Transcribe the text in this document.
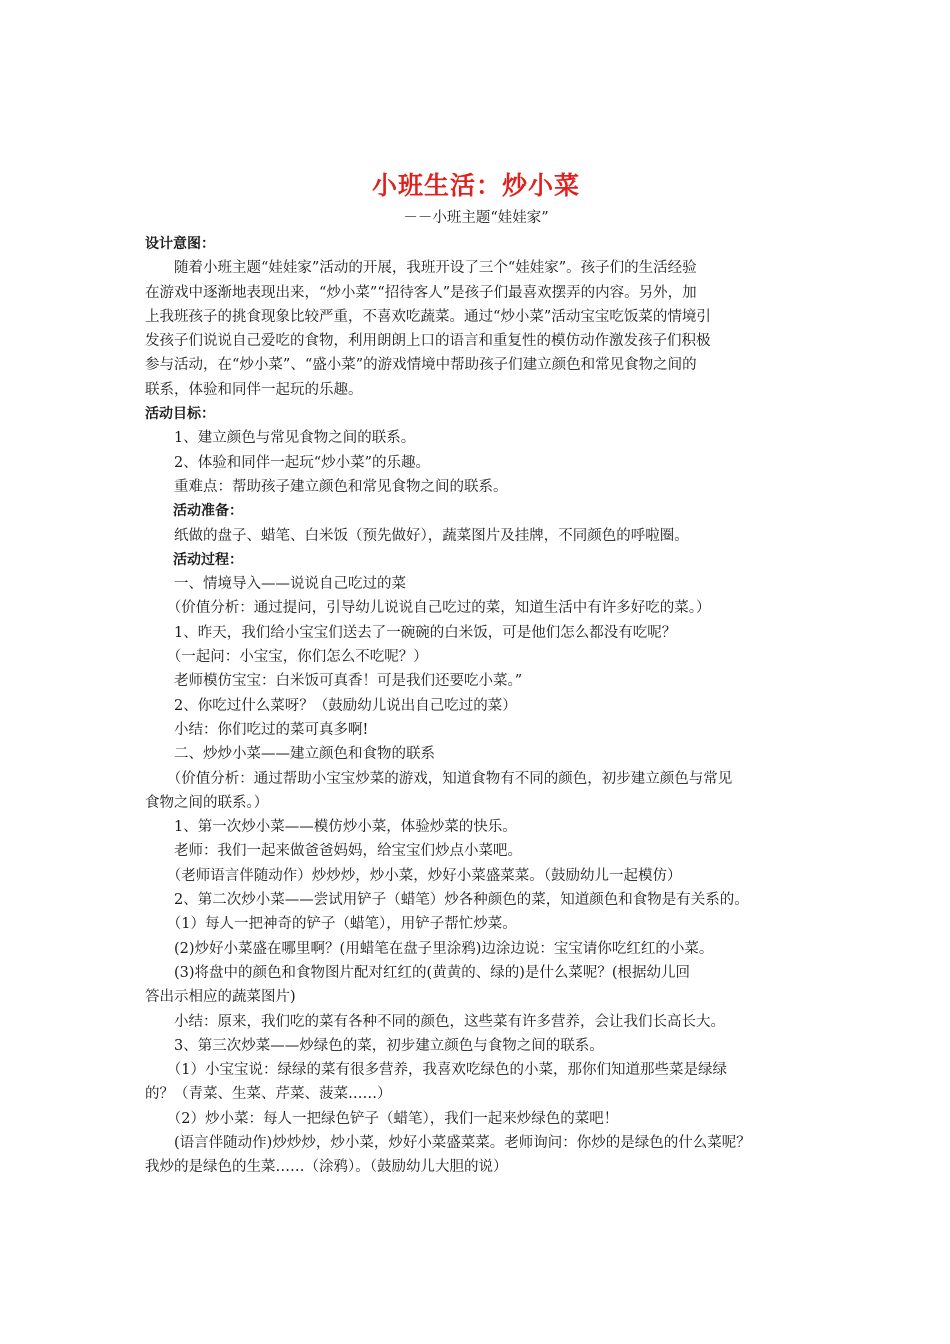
小班生活：炒小菜

－－小班主题“娃娃家”

设计意图：

随着小班主题“娃娃家”活动的开展，我班开设了三个“娃娃家”。孩子们的生活经验

在游戏中逐渐地表现出来，“炒小菜”“招待客人”是孩子们最喜欢摆弄的内容。另外，加

上我班孩子的挑食现象比较严重，不喜欢吃蔬菜。通过“炒小菜”活动宝宝吃饭菜的情境引

发孩子们说说自己爱吃的食物，利用朗朗上口的语言和重复性的模仿动作激发孩子们积极

参与活动，在“炒小菜”、“盛小菜”的游戏情境中帮助孩子们建立颜色和常见食物之间的

联系，体验和同伴一起玩的乐趣。

活动目标：

1、建立颜色与常见食物之间的联系。

2、体验和同伴一起玩“炒小菜”的乐趣。

重难点：帮助孩子建立颜色和常见食物之间的联系。

活动准备：

纸做的盘子、蜡笔、白米饭（预先做好），蔬菜图片及挂牌，不同颜色的呼啦圈。

活动过程：

一、情境导入——说说自己吃过的菜

（价值分析：通过提问，引导幼儿说说自己吃过的菜，知道生活中有许多好吃的菜。）

1、昨天，我们给小宝宝们送去了一碗碗的白米饭，可是他们怎么都没有吃呢？

（一起问：小宝宝，你们怎么不吃呢？）

老师模仿宝宝：白米饭可真香！可是我们还要吃小菜。”

2、你吃过什么菜呀？（鼓励幼儿说出自己吃过的菜）

小结：你们吃过的菜可真多啊!

二、炒炒小菜——建立颜色和食物的联系

（价值分析：通过帮助小宝宝炒菜的游戏，知道食物有不同的颜色，初步建立颜色与常见

食物之间的联系。）

1、第一次炒小菜——模仿炒小菜，体验炒菜的快乐。

老师：我们一起来做爸爸妈妈，给宝宝们炒点小菜吧。

（老师语言伴随动作）炒炒炒，炒小菜，炒好小菜盛菜菜。（鼓励幼儿一起模仿）

2、第二次炒小菜——尝试用铲子（蜡笔）炒各种颜色的菜，知道颜色和食物是有关系的。

（1）每人一把神奇的铲子（蜡笔），用铲子帮忙炒菜。

(2)炒好小菜盛在哪里啊？(用蜡笔在盘子里涂鸦)边涂边说：宝宝请你吃红红的小菜。

(3)将盘中的颜色和食物图片配对红红的(黄黄的、绿的)是什么菜呢？(根据幼儿回

答出示相应的蔬菜图片)

小结：原来，我们吃的菜有各种不同的颜色，这些菜有许多营养，会让我们长高长大。

3、第三次炒菜——炒绿色的菜，初步建立颜色与食物之间的联系。

（1）小宝宝说：绿绿的菜有很多营养，我喜欢吃绿色的小菜，那你们知道那些菜是绿绿

的？（青菜、生菜、芹菜、菠菜……）

（2）炒小菜：每人一把绿色铲子（蜡笔），我们一起来炒绿色的菜吧！

(语言伴随动作)炒炒炒，炒小菜，炒好小菜盛菜菜。老师询问：你炒的是绿色的什么菜呢？

我炒的是绿色的生菜……（涂鸦）。（鼓励幼儿大胆的说）
